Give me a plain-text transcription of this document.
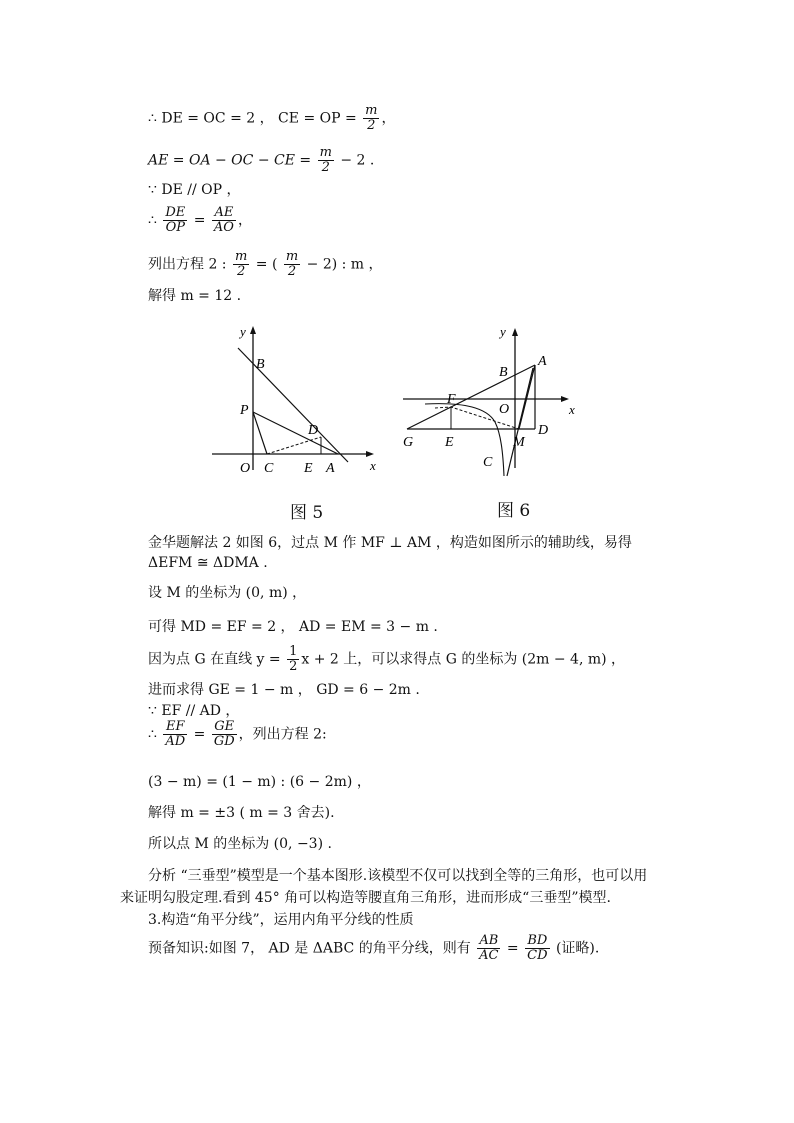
∴ DE = OC = 2 ， CE = OP = $\frac{m}{2}$ ，
AE = OA − OC − CE = $\frac{m}{2} - 2$ .
∵ DE // OP ，
∴ $\frac{DE}{OP} = \frac{AE}{AO}$ ，
列出方程 2 : $\frac{m}{2}$ = ( $\frac{m}{2} - 2$) : m ，
解得 m = 12 .
y
x
B
P
D
O C E A
图 5
y
x
A
B
F
O
G E	M
D
C
图 6
金华题解法 2 如图 6，过点 M 作 MF ⊥ AM ，构造如图所示的辅助线，易得
ΔEFM ≅ ΔDMA .
设 M 的坐标为 (0, m) ，
可得 MD = EF = 2 ， AD = EM = 3 − m .
因为点 G 在直线 $y = \frac{1}{2}$ x + 2 上，可以求得点 G 的坐标为 (2m − 4, m) ，
进而求得 GE = 1 − m ， GD = 6 − 2m .
∵ EF // AD ，
∴ $\frac{EF}{AD} = \frac{GE}{GD}$ ，列出方程 2:
(3 − m) = (1 − m) : (6 − 2m) ，
解得 m = ±3 ( m = 3 舍去).
所以点 M 的坐标为 (0, −3) .
分析 “三垂型”模型是一个基本图形.该模型不仅可以找到全等的三角形，也可以用
来证明勾股定理.看到 45° 角可以构造等腰直角三角形，进而形成“三垂型”模型.
3.构造“角平分线”，运用内角平分线的性质
预备知识:如图 7， AD 是 ΔABC 的角平分线，则有 $\frac{AB}{AC} = \frac{BD}{CD}$ (证略).
